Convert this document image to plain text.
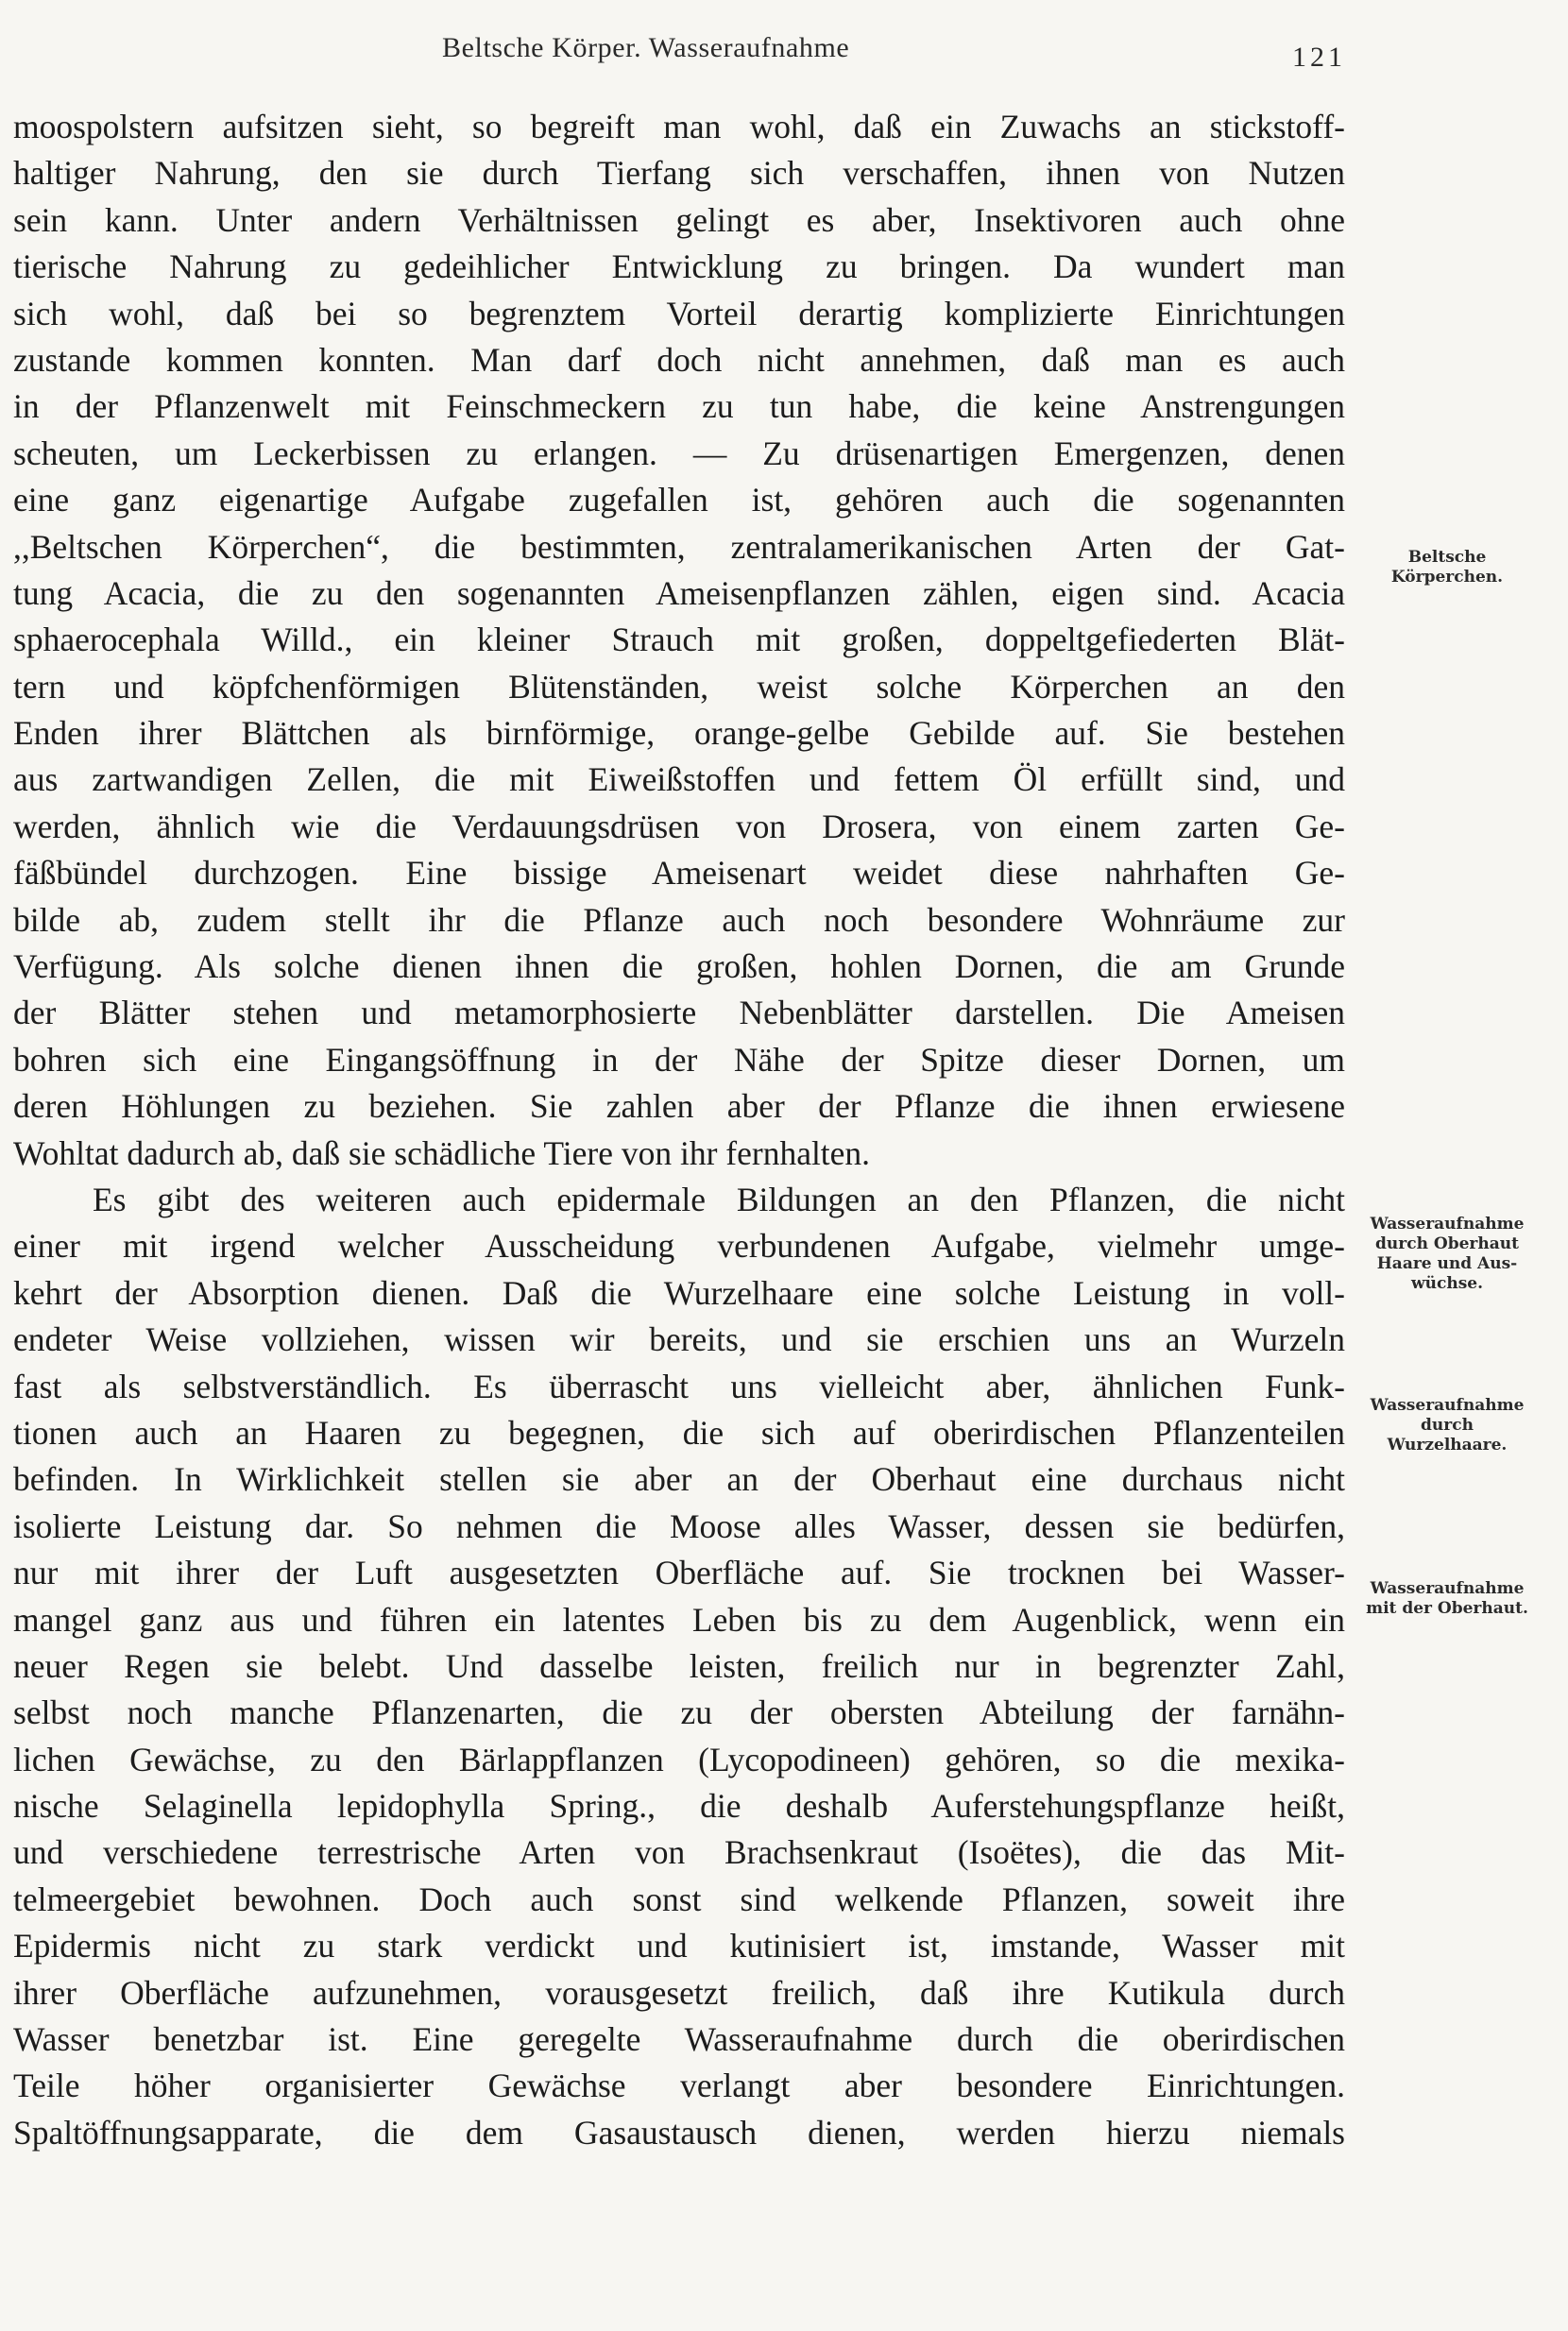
Beltsche Körper. Wasseraufnahme	121
moospolstern aufsitzen sieht, so begreift man wohl, daß ein Zuwachs an stickstoff-
haltiger Nahrung, den sie durch Tierfang sich verschaffen, ihnen von Nutzen
sein kann. Unter andern Verhältnissen gelingt es aber, Insektivoren auch ohne
tierische Nahrung zu gedeihlicher Entwicklung zu bringen. Da wundert man
sich wohl, daß bei so begrenztem Vorteil derartig komplizierte Einrichtungen
zustande kommen konnten. Man darf doch nicht annehmen, daß man es auch
in der Pflanzenwelt mit Feinschmeckern zu tun habe, die keine Anstrengungen
scheuten, um Leckerbissen zu erlangen. — Zu drüsenartigen Emergenzen, denen
eine ganz eigenartige Aufgabe zugefallen ist, gehören auch die sogenannten
,,Beltschen Körperchen“, die bestimmten, zentralamerikanischen Arten der Gat-
tung Acacia, die zu den sogenannten Ameisenpflanzen zählen, eigen sind. Acacia
sphaerocephala Willd., ein kleiner Strauch mit großen, doppeltgefiederten Blät-
tern und köpfchenförmigen Blütenständen, weist solche Körperchen an den
Enden ihrer Blättchen als birnförmige, orange-gelbe Gebilde auf. Sie bestehen
aus zartwandigen Zellen, die mit Eiweißstoffen und fettem Öl erfüllt sind, und
werden, ähnlich wie die Verdauungsdrüsen von Drosera, von einem zarten Ge-
fäßbündel durchzogen. Eine bissige Ameisenart weidet diese nahrhaften Ge-
bilde ab, zudem stellt ihr die Pflanze auch noch besondere Wohnräume zur
Verfügung. Als solche dienen ihnen die großen, hohlen Dornen, die am Grunde
der Blätter stehen und metamorphosierte Nebenblätter darstellen. Die Ameisen
bohren sich eine Eingangsöffnung in der Nähe der Spitze dieser Dornen, um
deren Höhlungen zu beziehen. Sie zahlen aber der Pflanze die ihnen erwiesene
Wohltat dadurch ab, daß sie schädliche Tiere von ihr fernhalten.
Es gibt des weiteren auch epidermale Bildungen an den Pflanzen, die nicht
einer mit irgend welcher Ausscheidung verbundenen Aufgabe, vielmehr umge-
kehrt der Absorption dienen. Daß die Wurzelhaare eine solche Leistung in voll-
endeter Weise vollziehen, wissen wir bereits, und sie erschien uns an Wurzeln
fast als selbstverständlich. Es überrascht uns vielleicht aber, ähnlichen Funk-
tionen auch an Haaren zu begegnen, die sich auf oberirdischen Pflanzenteilen
befinden. In Wirklichkeit stellen sie aber an der Oberhaut eine durchaus nicht
isolierte Leistung dar. So nehmen die Moose alles Wasser, dessen sie bedürfen,
nur mit ihrer der Luft ausgesetzten Oberfläche auf. Sie trocknen bei Wasser-
mangel ganz aus und führen ein latentes Leben bis zu dem Augenblick, wenn ein
neuer Regen sie belebt. Und dasselbe leisten, freilich nur in begrenzter Zahl,
selbst noch manche Pflanzenarten, die zu der obersten Abteilung der farnähn-
lichen Gewächse, zu den Bärlappflanzen (Lycopodineen) gehören, so die mexika-
nische Selaginella lepidophylla Spring., die deshalb Auferstehungspflanze heißt,
und verschiedene terrestrische Arten von Brachsenkraut (Isoëtes), die das Mit-
telmeergebiet bewohnen. Doch auch sonst sind welkende Pflanzen, soweit ihre
Epidermis nicht zu stark verdickt und kutinisiert ist, imstande, Wasser mit
ihrer Oberfläche aufzunehmen, vorausgesetzt freilich, daß ihre Kutikula durch
Wasser benetzbar ist. Eine geregelte Wasseraufnahme durch die oberirdischen
Teile höher organisierter Gewächse verlangt aber besondere Einrichtungen.
Spaltöffnungsapparate, die dem Gasaustausch dienen, werden hierzu niemals
Beltsche
Körperchen.
Wasseraufnahme
durch Oberhaut
Haare und Aus-
wüchse.
Wasseraufnahme
durch
Wurzelhaare.
Wasseraufnahme
mit der Oberhaut.
